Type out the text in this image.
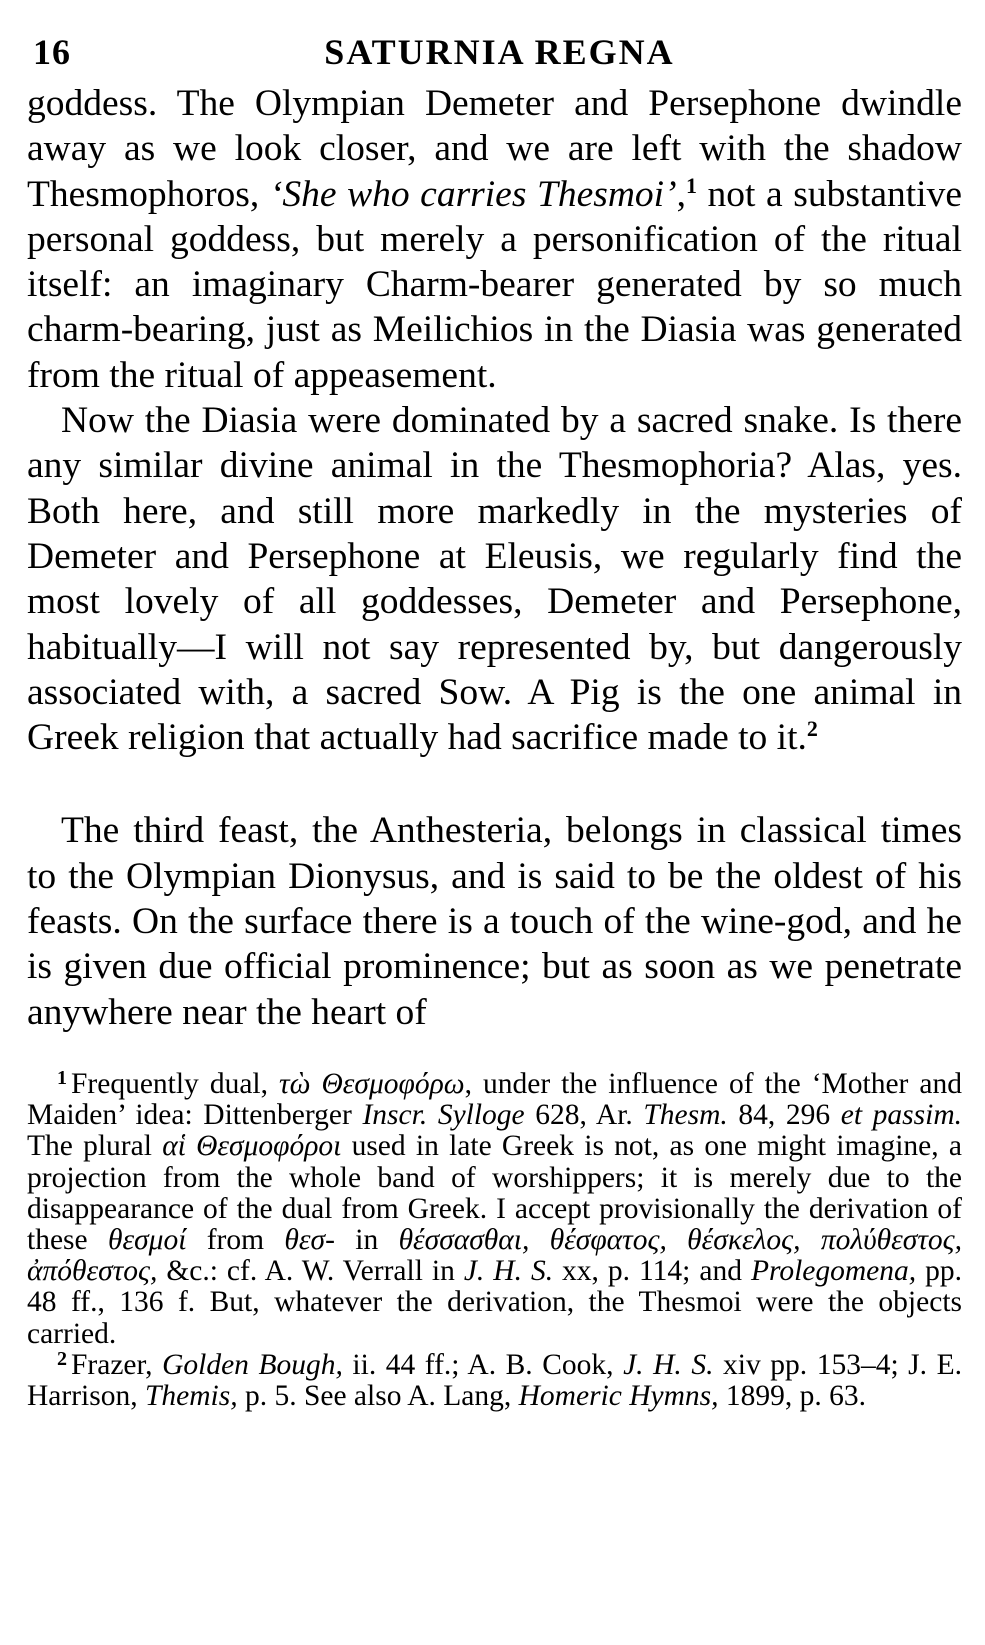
16	SATURNIA REGNA

goddess. The Olympian Demeter and Persephone dwindle away as we look closer, and we are left with the shadow Thesmophoros, ‘She who carries Thesmoi’,$^1$ not a substantive personal goddess, but merely a personification of the ritual itself: an imaginary Charm-bearer generated by so much charm-bearing, just as Meilichios in the Diasia was generated from the ritual of appeasement.

Now the Diasia were dominated by a sacred snake. Is there any similar divine animal in the Thesmophoria? Alas, yes. Both here, and still more markedly in the mysteries of Demeter and Persephone at Eleusis, we regularly find the most lovely of all goddesses, Demeter and Persephone, habitually—I will not say represented by, but dangerously associated with, a sacred Sow. A Pig is the one animal in Greek religion that actually had sacrifice made to it.$^2$

The third feast, the Anthesteria, belongs in classical times to the Olympian Dionysus, and is said to be the oldest of his feasts. On the surface there is a touch of the wine-god, and he is given due official prominence; but as soon as we penetrate anywhere near the heart of

$^1$ Frequently dual, τὼ Θεσμοφόρω, under the influence of the ‘Mother and Maiden’ idea: Dittenberger Inscr. Sylloge 628, Ar. Thesm. 84, 296 et passim. The plural αἱ Θεσμοφόροι used in late Greek is not, as one might imagine, a projection from the whole band of worshippers; it is merely due to the disappearance of the dual from Greek. I accept provisionally the derivation of these θεσμοί from θεσ- in θέσσασθαι, θέσφατος, θέσκελος, πολύθεστος, ἀπόθεστος, &c.: cf. A. W. Verrall in J. H. S. xx, p. 114; and Prolegomena, pp. 48 ff., 136 f. But, whatever the derivation, the Thesmoi were the objects carried.

$^2$ Frazer, Golden Bough, ii. 44 ff.; A. B. Cook, J. H. S. xiv pp. 153–4; J. E. Harrison, Themis, p. 5. See also A. Lang, Homeric Hymns, 1899, p. 63.
